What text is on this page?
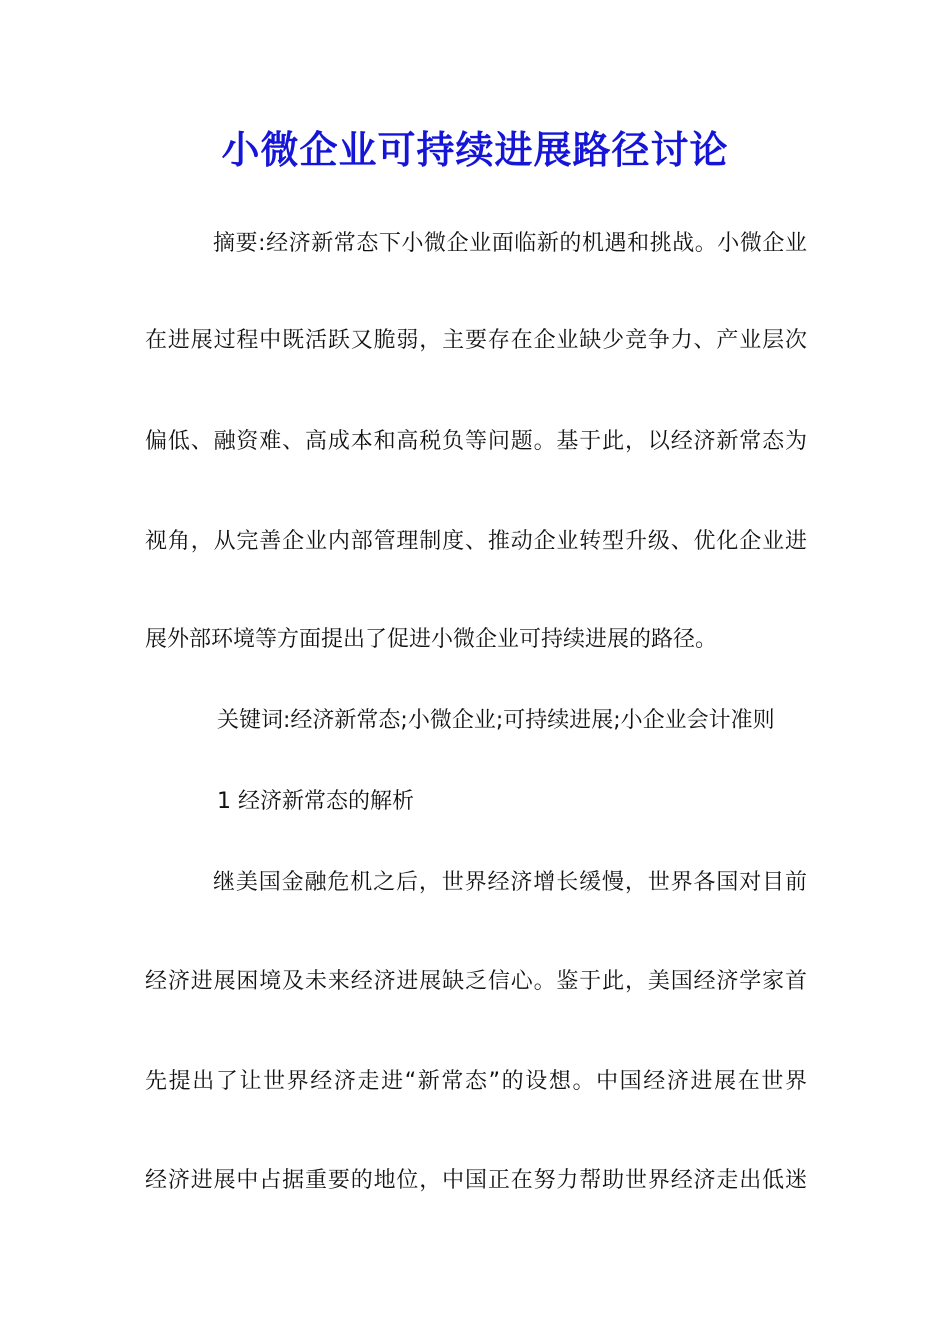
小微企业可持续进展路径讨论
摘要:经济新常态下小微企业面临新的机遇和挑战。小微企业
在进展过程中既活跃又脆弱，主要存在企业缺少竞争力、产业层次
偏低、融资难、高成本和高税负等问题。基于此，以经济新常态为
视角，从完善企业内部管理制度、推动企业转型升级、优化企业进
展外部环境等方面提出了促进小微企业可持续进展的路径。
关键词:经济新常态;小微企业;可持续进展;小企业会计准则
1 经济新常态的解析
继美国金融危机之后，世界经济增长缓慢，世界各国对目前
经济进展困境及未来经济进展缺乏信心。鉴于此，美国经济学家首
先提出了让世界经济走进“新常态”的设想。中国经济进展在世界
经济进展中占据重要的地位，中国正在努力帮助世界经济走出低迷
